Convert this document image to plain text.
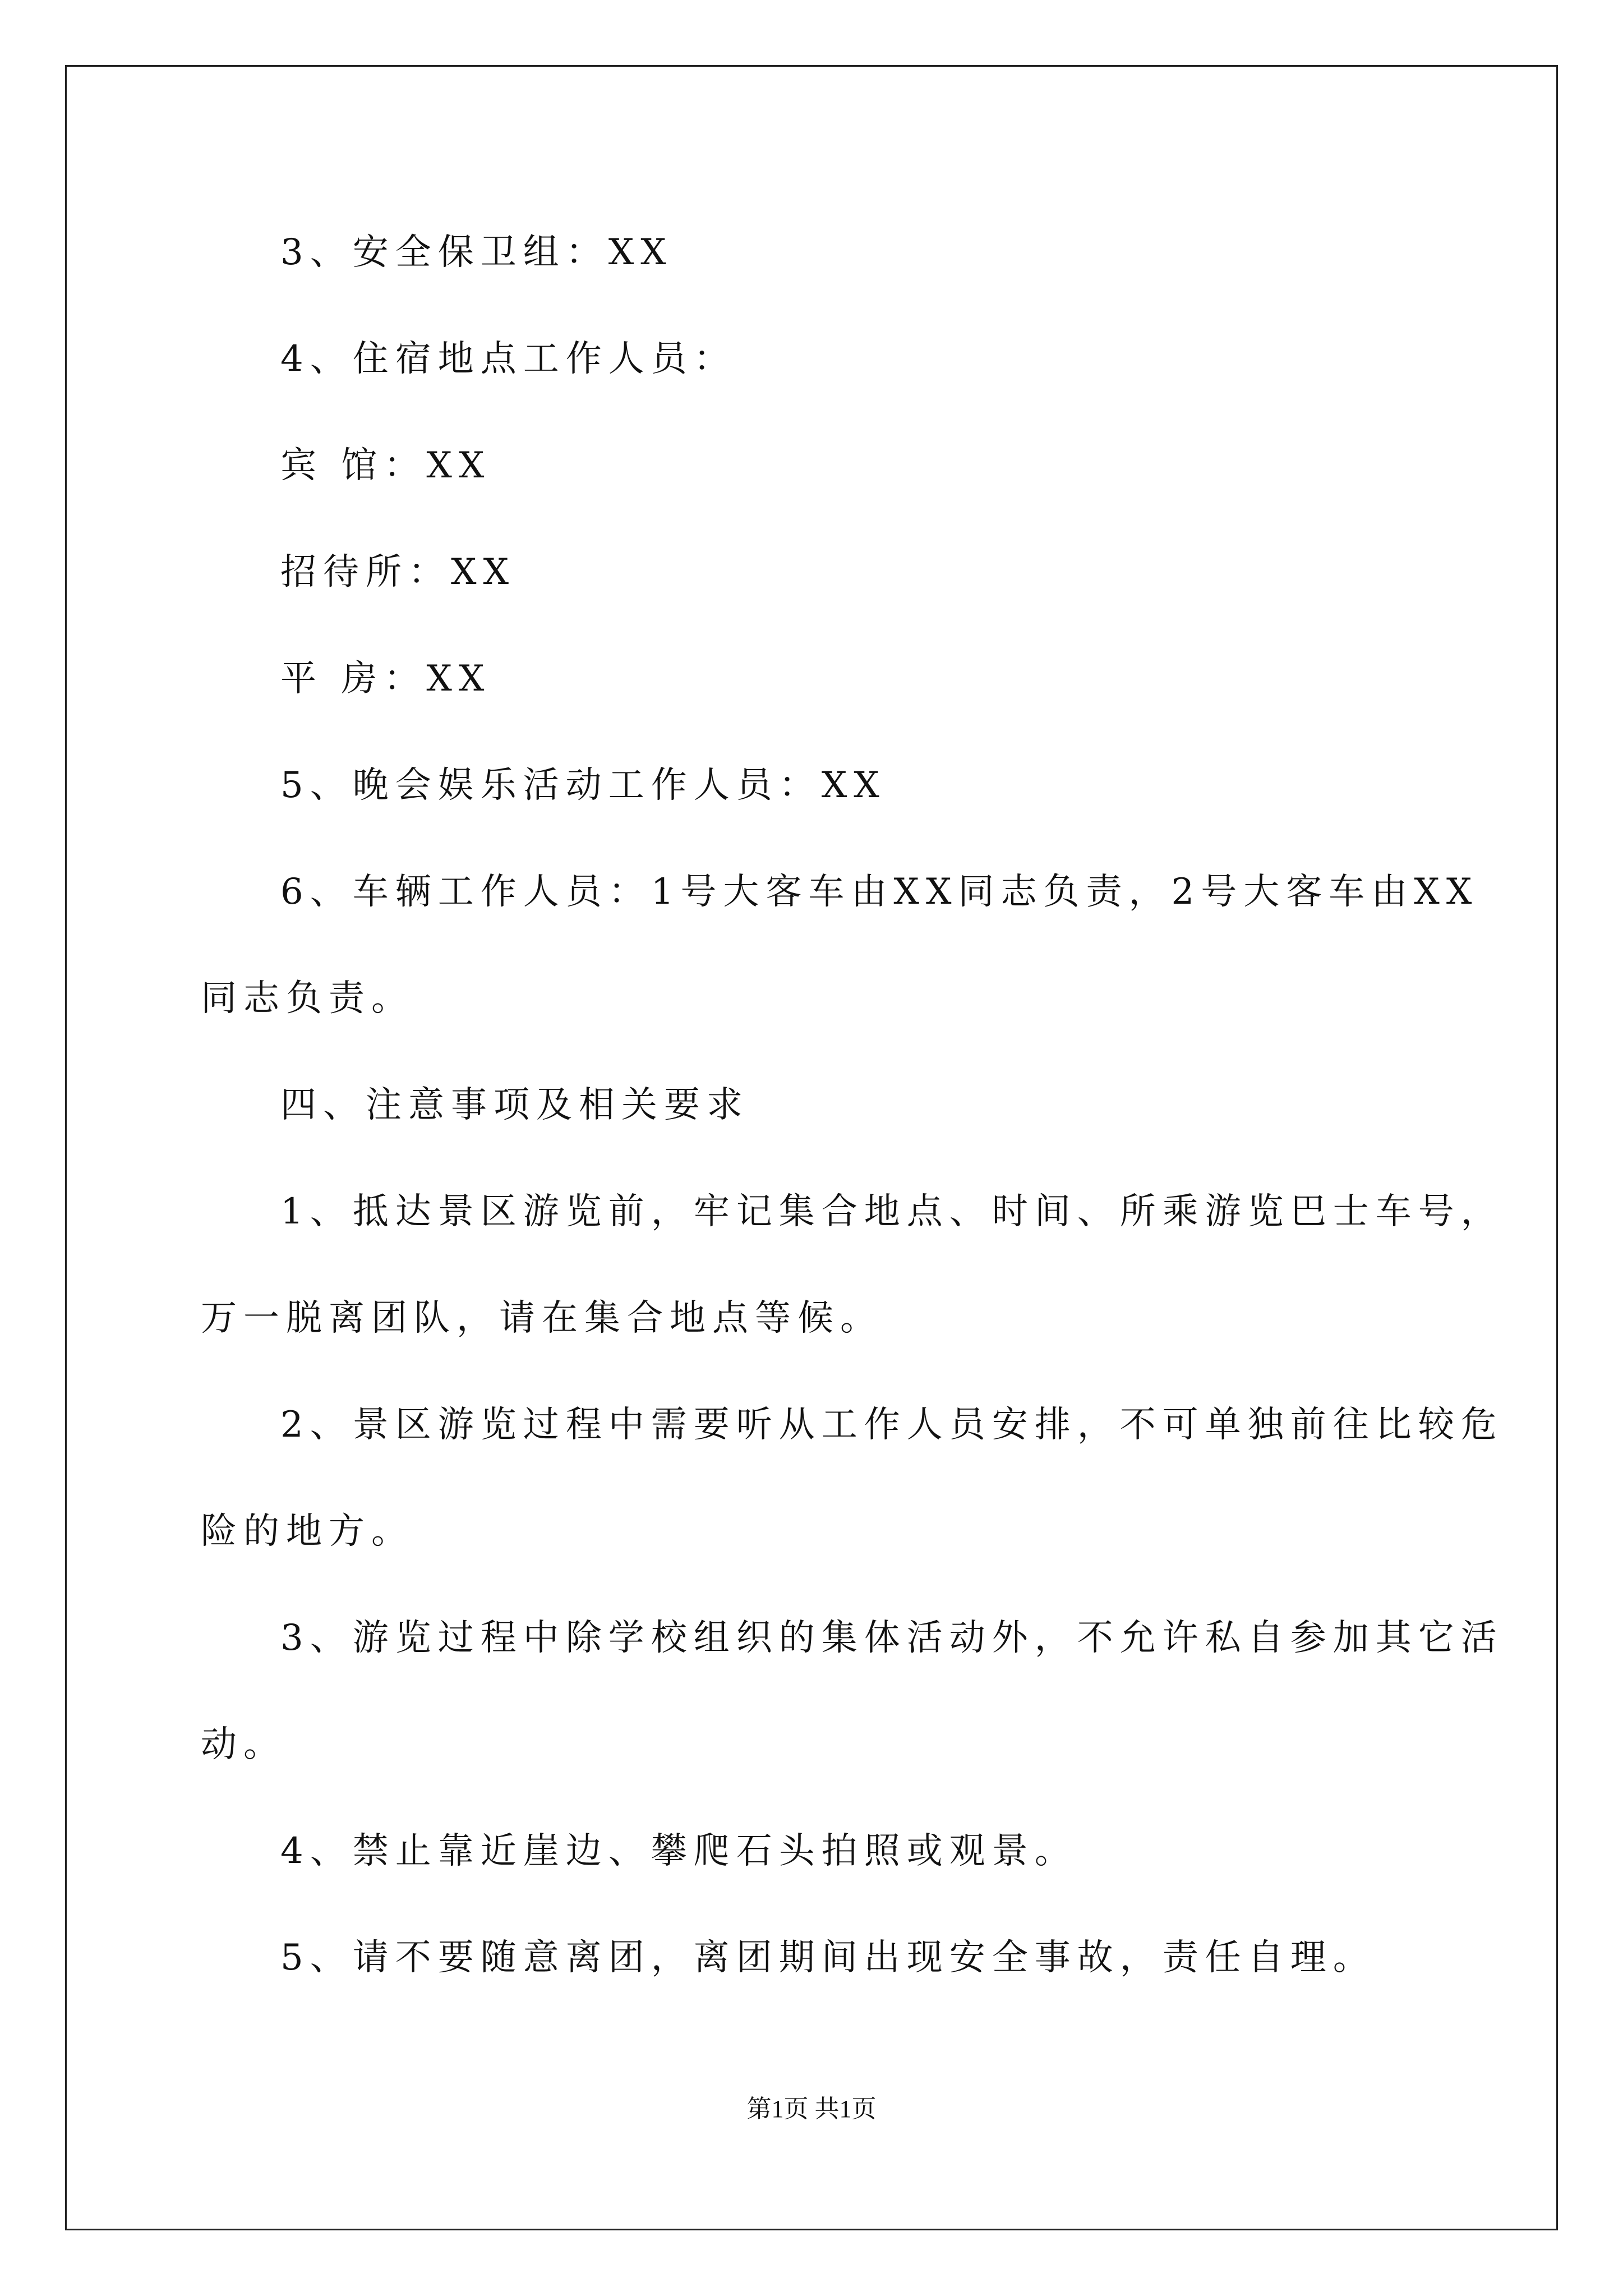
3、安全保卫组：XX

4、住宿地点工作人员：

宾 馆：XX

招待所：XX

平 房：XX

5、晚会娱乐活动工作人员：XX

6、车辆工作人员：1号大客车由XX同志负责，2号大客车由XX

同志负责。

四、注意事项及相关要求

1、抵达景区游览前，牢记集合地点、时间、所乘游览巴士车号，

万一脱离团队，请在集合地点等候。

2、景区游览过程中需要听从工作人员安排，不可单独前往比较危

险的地方。

3、游览过程中除学校组织的集体活动外，不允许私自参加其它活

动。

4、禁止靠近崖边、攀爬石头拍照或观景。

5、请不要随意离团，离团期间出现安全事故，责任自理。

第1页 共1页
